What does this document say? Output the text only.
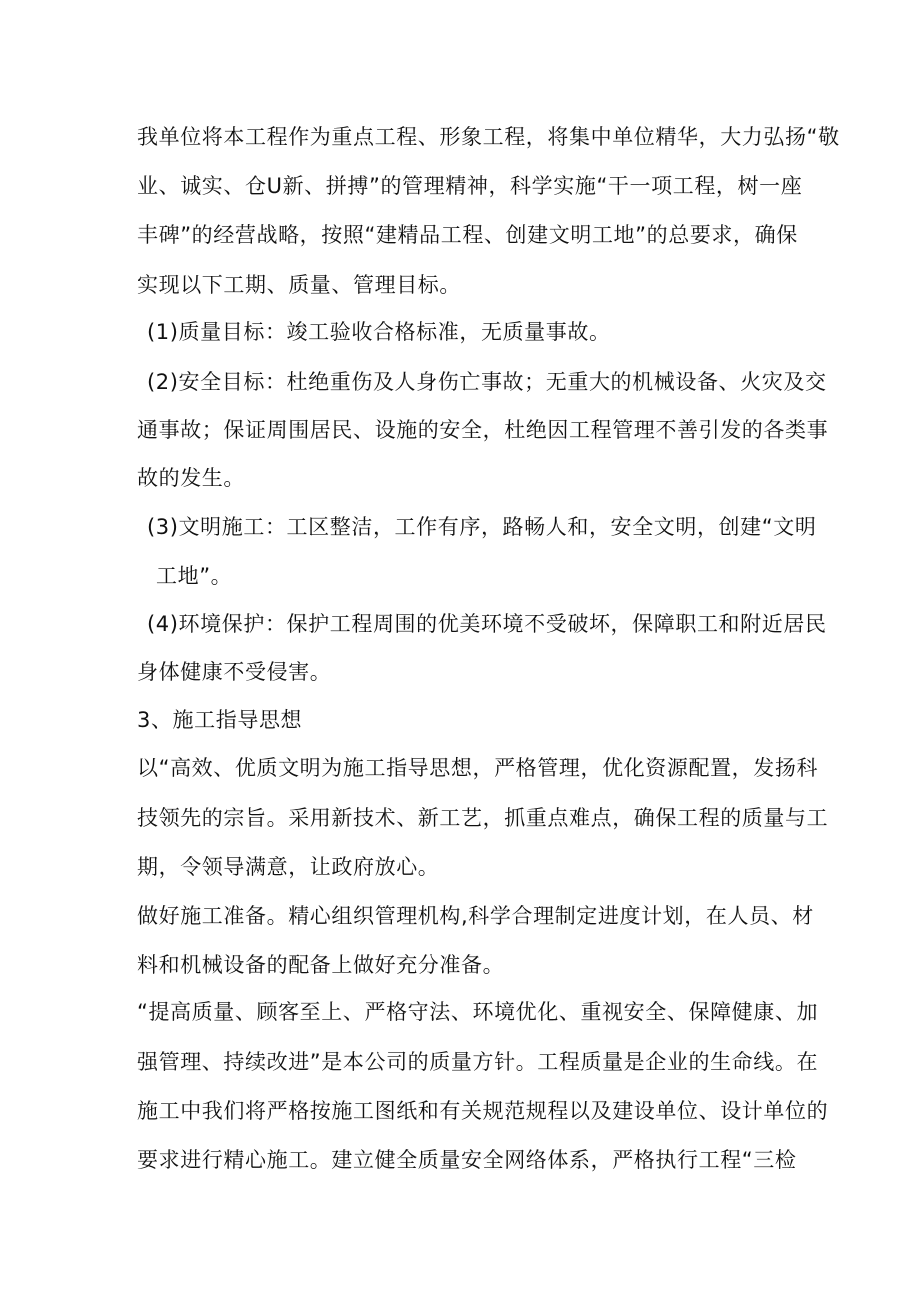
我单位将本工程作为重点工程、形象工程，将集中单位精华，大力弘扬“敬
业、诚实、仓U新、拼搏”的管理精神，科学实施“干一项工程，树一座
丰碑”的经营战略，按照“建精品工程、创建文明工地”的总要求，确保
实现以下工期、质量、管理目标。
(1)质量目标：竣工验收合格标准，无质量事故。
(2)安全目标：杜绝重伤及人身伤亡事故；无重大的机械设备、火灾及交
通事故；保证周围居民、设施的安全，杜绝因工程管理不善引发的各类事
故的发生。
(3)文明施工：工区整洁，工作有序，路畅人和，安全文明，创建“文明
工地”。
(4)环境保护：保护工程周围的优美环境不受破坏，保障职工和附近居民
身体健康不受侵害。
3、施工指导思想
以“高效、优质文明为施工指导思想，严格管理，优化资源配置，发扬科
技领先的宗旨。采用新技术、新工艺，抓重点难点，确保工程的质量与工
期，令领导满意，让政府放心。
做好施工准备。精心组织管理机构,科学合理制定进度计划，在人员、材
料和机械设备的配备上做好充分准备。
“提高质量、顾客至上、严格守法、环境优化、重视安全、保障健康、加
强管理、持续改进”是本公司的质量方针。工程质量是企业的生命线。在
施工中我们将严格按施工图纸和有关规范规程以及建设单位、设计单位的
要求进行精心施工。建立健全质量安全网络体系，严格执行工程“三检
